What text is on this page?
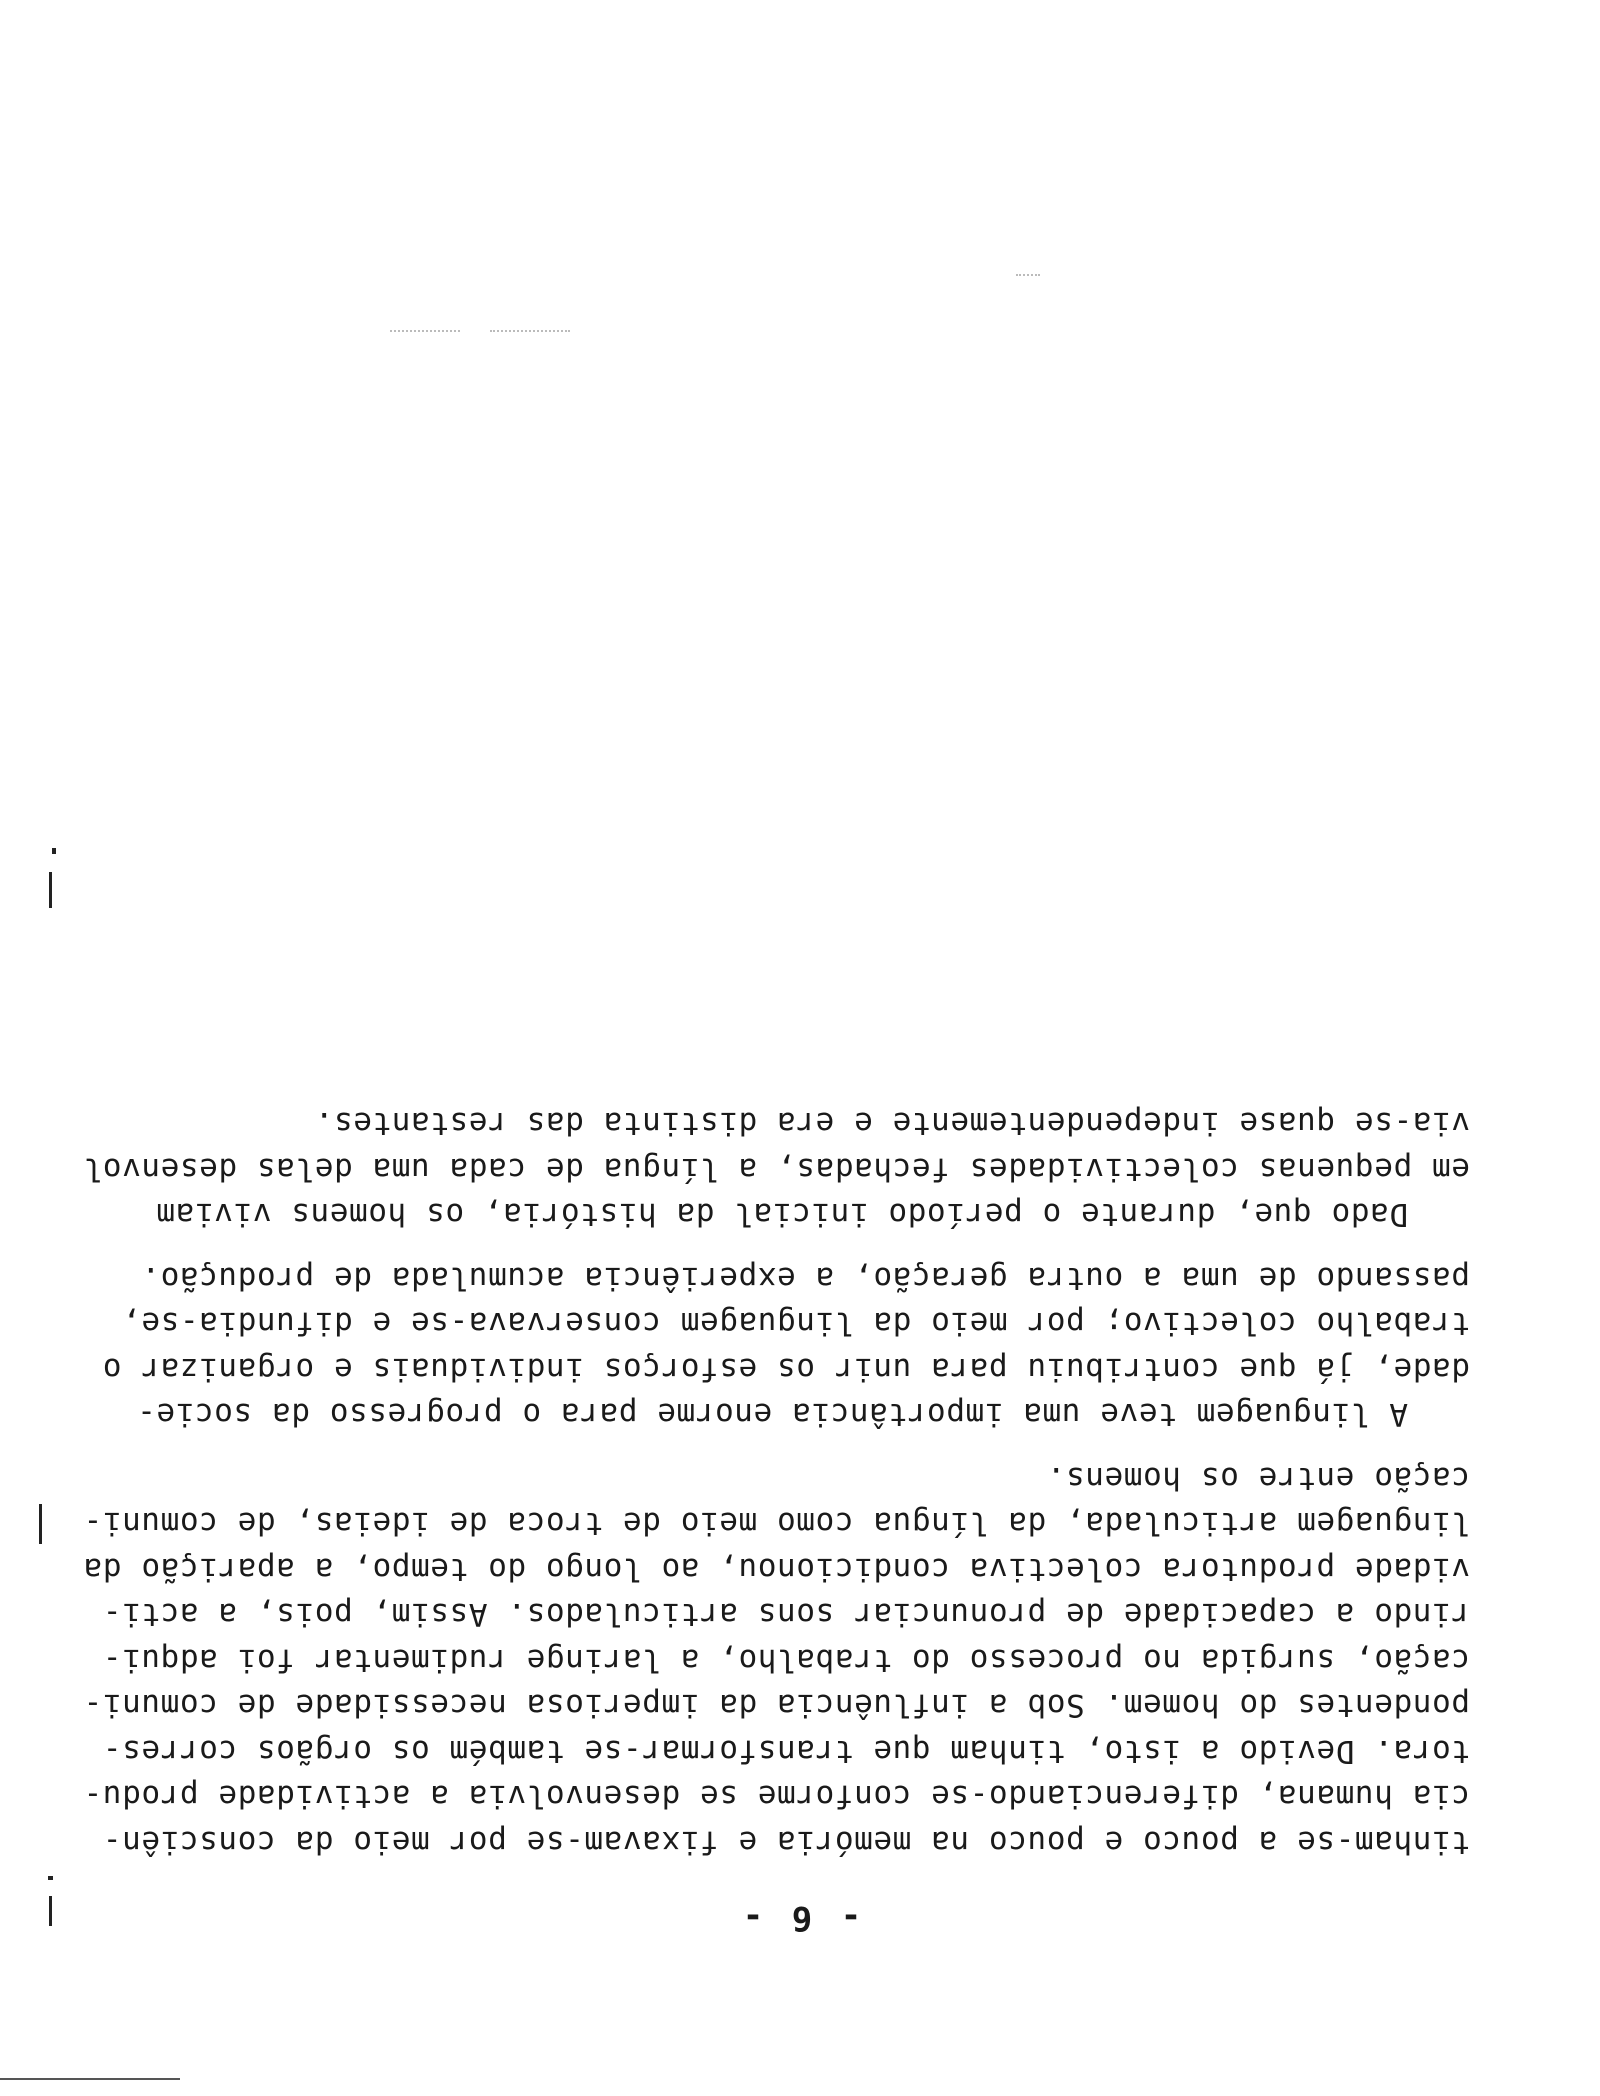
- 6 -
tinham-se a pouco e pouco na memória e fixavam-se por meio da consciên-
cia humana, diferenciando-se conforme se desenvolvia a actividade produ-
tora. Devido a isto, tinham que transformar-se também os orgãos corres-
pondentes do homem. Sob a influência da imperiosa necessidade de comuni-
cação, surgida no processo do trabalho, a laringe rudimentar foi adqui-
rindo a capacidade de pronunciar sons articulados. Assim, pois, a acti-
vidade produtora colectiva condicionou, ao longo do tempo, a aparição da
linguagem articulada, da língua como meio de troca de ideias, de comuni-
cação entre os homens.
A linguagem teve uma importância enorme para o progresso da socie-
dade, já que contribuiu para unir os esforços individuais e organizar o
trabalho colectivo; por meio da linguagem conservava-se e difundia-se,
passando de uma a outra geração, a experiência acumulada de produção.
Dado que, durante o período inicial da história, os homens viviam
em pequenas colectividades fechadas, a língua de cada uma delas desenvol
via-se quase independentemente e era distinta das restantes.
